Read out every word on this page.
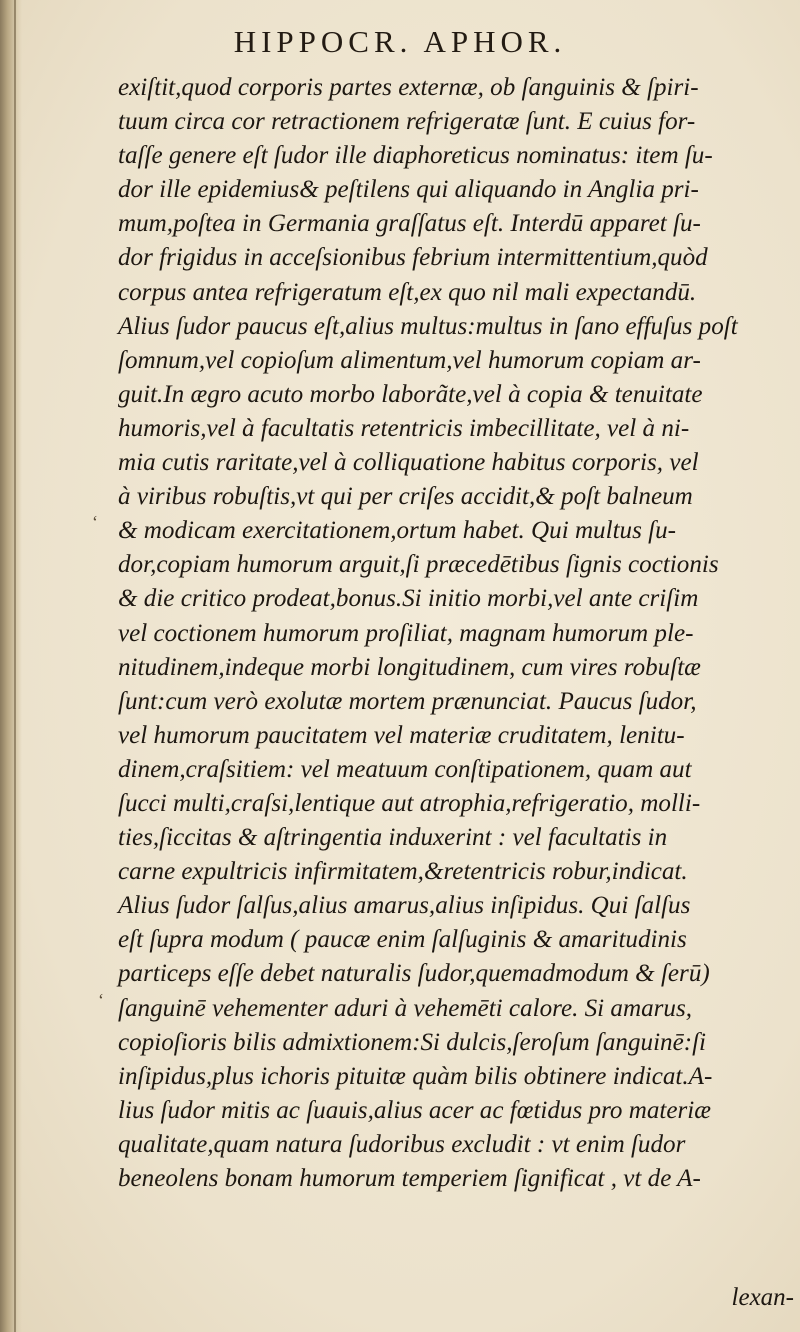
HIPPOCR. APHOR.
exiſtit,quod corporis partes externæ, ob ſanguinis & ſpiri-
tuum circa cor retractionem refrigeratæ ſunt. E cuius for-
taſſe genere eſt ſudor ille diaphoreticus nominatus: item ſu-
dor ille epidemius& peſtilens qui aliquando in Anglia pri-
mum,poſtea in Germania graſſatus eſt. Interdū apparet ſu-
dor frigidus in acceſsionibus febrium intermittentium,quòd
corpus antea refrigeratum eſt,ex quo nil mali expectandū.
Alius ſudor paucus eſt,alius multus:multus in ſano effuſus poſt
ſomnum,vel copioſum alimentum,vel humorum copiam ar-
guit.In ægro acuto morbo laborãte,vel à copia & tenuitate
humoris,vel à facultatis retentricis imbecillitate, vel à ni-
mia cutis raritate,vel à colliquatione habitus corporis, vel
à viribus robuſtis,vt qui per criſes accidit,& poſt balneum
& modicam exercitationem,ortum habet. Qui multus ſu-
dor,copiam humorum arguit,ſi præcedētibus ſignis coctionis
& die critico prodeat,bonus.Si initio morbi,vel ante criſim
vel coctionem humorum proſiliat, magnam humorum ple-
nitudinem,indeque morbi longitudinem, cum vires robuſtæ
ſunt:cum verò exolutæ mortem prænunciat. Paucus ſudor,
vel humorum paucitatem vel materiæ cruditatem, lenitu-
dinem,craſsitiem: vel meatuum conſtipationem, quam aut
ſucci multi,craſsi,lentique aut atrophia,refrigeratio, molli-
ties,ſiccitas & aſtringentia induxerint : vel facultatis in
carne expultricis infirmitatem,&retentricis robur,indicat.
Alius ſudor ſalſus,alius amarus,alius inſipidus. Qui ſalſus
eſt ſupra modum ( paucæ enim ſalſuginis & amaritudinis
particeps eſſe debet naturalis ſudor,quemadmodum & ſerū)
ſanguinē vehementer aduri à vehemēti calore. Si amarus,
copioſioris bilis admixtionem:Si dulcis,ſeroſum ſanguinē:ſi
inſipidus,plus ichoris pituitæ quàm bilis obtinere indicat.A-
lius ſudor mitis ac ſuauis,alius acer ac fœtidus pro materiæ
qualitate,quam natura ſudoribus excludit : vt enim ſudor
beneolens bonam humorum temperiem ſignificat , vt de A-
ʻ
ʻ
lexan-
